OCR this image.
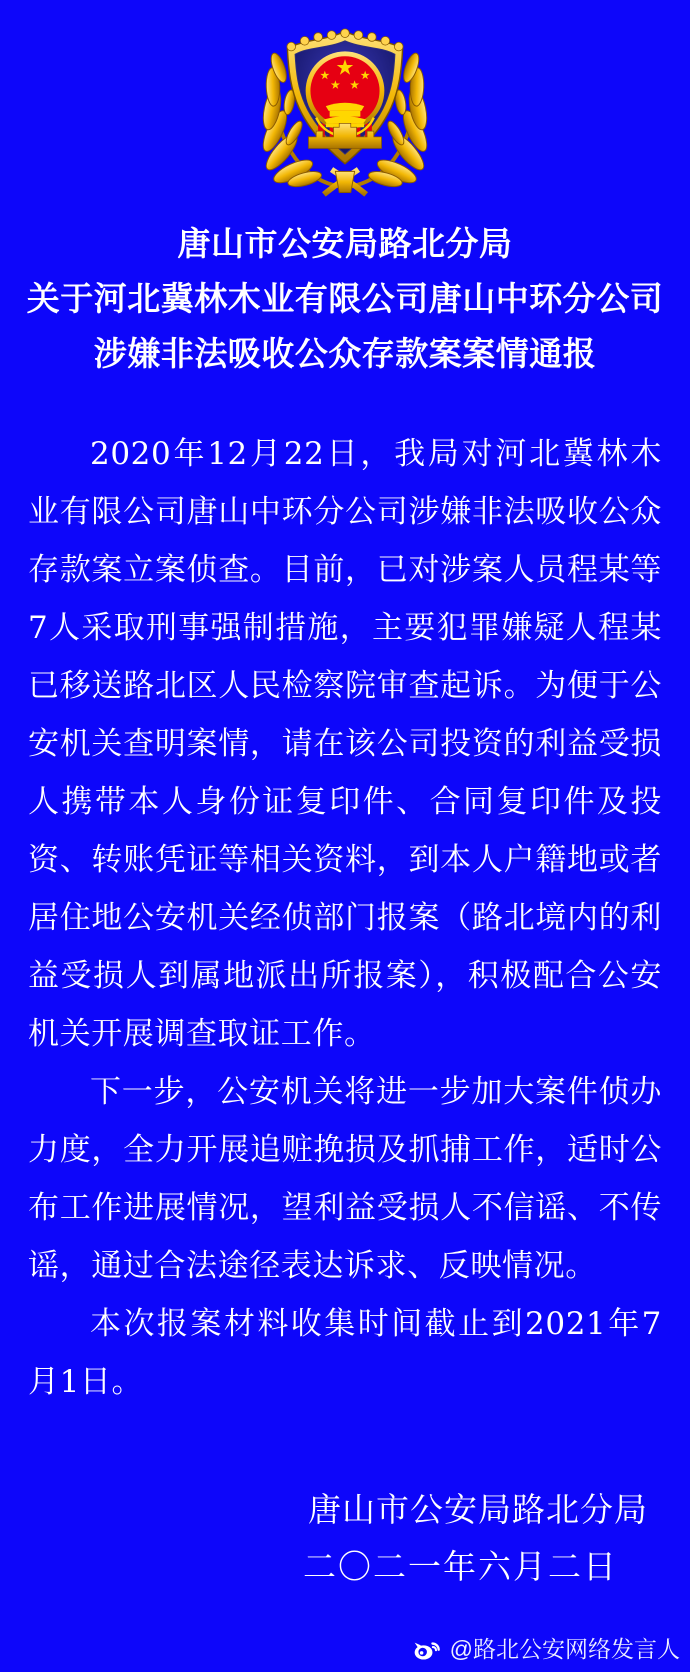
唐山市公安局路北分局
关于河北冀林木业有限公司唐山中环分公司
涉嫌非法吸收公众存款案案情通报

2020年12月22日，我局对河北冀林木业有限公司唐山中环分公司涉嫌非法吸收公众存款案立案侦查。目前，已对涉案人员程某等7人采取刑事强制措施，主要犯罪嫌疑人程某已移送路北区人民检察院审查起诉。为便于公安机关查明案情，请在该公司投资的利益受损人携带本人身份证复印件、合同复印件及投资、转账凭证等相关资料，到本人户籍地或者居住地公安机关经侦部门报案（路北境内的利益受损人到属地派出所报案），积极配合公安机关开展调查取证工作。

下一步，公安机关将进一步加大案件侦办力度，全力开展追赃挽损及抓捕工作，适时公布工作进展情况，望利益受损人不信谣、不传谣，通过合法途径表达诉求、反映情况。

本次报案材料收集时间截止到2021年7月1日。

唐山市公安局路北分局
二〇二一年六月二日
@路北公安网络发言人
